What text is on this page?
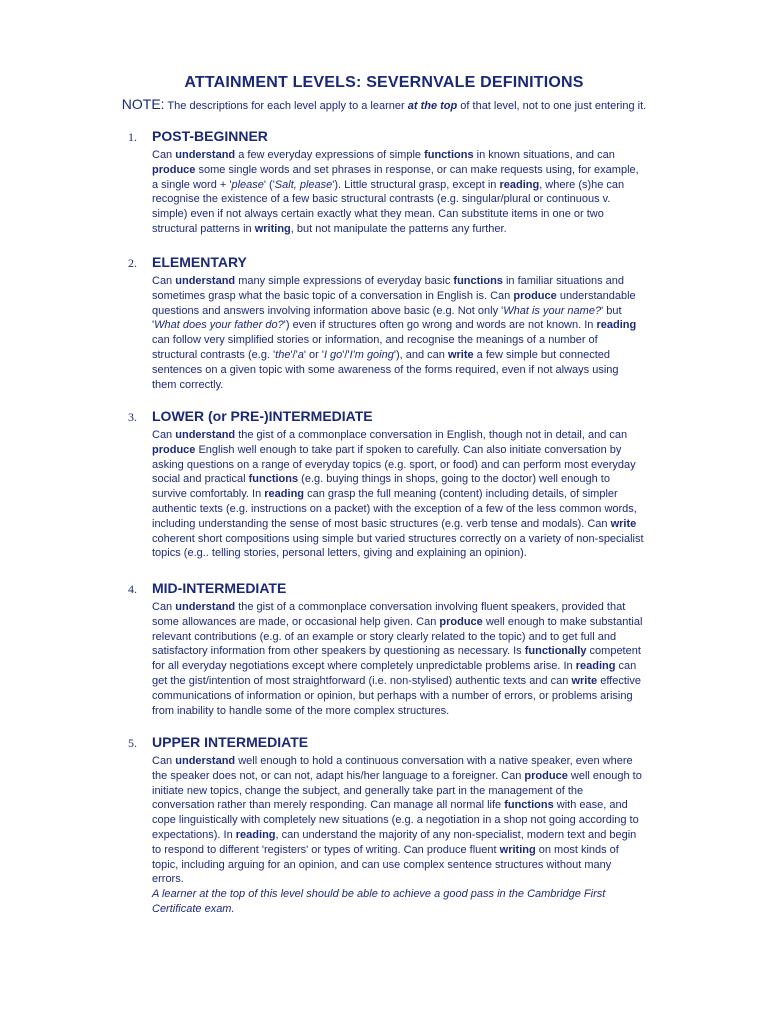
ATTAINMENT LEVELS: SEVERNVALE DEFINITIONS
NOTE: The descriptions for each level apply to a learner at the top of that level, not to one just entering it.
1.	POST-BEGINNER
Can understand a few everyday expressions of simple functions in known situations, and can
produce some single words and set phrases in response, or can make requests using, for example,
a single word + 'please' ('Salt, please'). Little structural grasp, except in reading, where (s)he can
recognise the existence of a few basic structural contrasts (e.g. singular/plural or continuous v.
simple) even if not always certain exactly what they mean. Can substitute items in one or two
structural patterns in writing, but not manipulate the patterns any further.
2.	ELEMENTARY
Can understand many simple expressions of everyday basic functions in familiar situations and
sometimes grasp what the basic topic of a conversation in English is. Can produce understandable
questions and answers involving information above basic (e.g. Not only 'What is your name?' but
'What does your father do?') even if structures often go wrong and words are not known. In reading
can follow very simplified stories or information, and recognise the meanings of a number of
structural contrasts (e.g. 'the'/'a' or 'I go'/'I'm going'), and can write a few simple but connected
sentences on a given topic with some awareness of the forms required, even if not always using
them correctly.
3.	LOWER (or PRE-)INTERMEDIATE
Can understand the gist of a commonplace conversation in English, though not in detail, and can
produce English well enough to take part if spoken to carefully. Can also initiate conversation by
asking questions on a range of everyday topics (e.g. sport, or food) and can perform most everyday
social and practical functions (e.g. buying things in shops, going to the doctor) well enough to
survive comfortably. In reading can grasp the full meaning (content) including details, of simpler
authentic texts (e.g. instructions on a packet) with the exception of a few of the less common words,
including understanding the sense of most basic structures (e.g. verb tense and modals). Can write
coherent short compositions using simple but varied structures correctly on a variety of non-specialist
topics (e.g.. telling stories, personal letters, giving and explaining an opinion).
4.	MID-INTERMEDIATE
Can understand the gist of a commonplace conversation involving fluent speakers, provided that
some allowances are made, or occasional help given. Can produce well enough to make substantial
relevant contributions (e.g. of an example or story clearly related to the topic) and to get full and
satisfactory information from other speakers by questioning as necessary. Is functionally competent
for all everyday negotiations except where completely unpredictable problems arise. In reading can
get the gist/intention of most straightforward (i.e. non-stylised) authentic texts and can write effective
communications of information or opinion, but perhaps with a number of errors, or problems arising
from inability to handle some of the more complex structures.
5.	UPPER INTERMEDIATE
Can understand well enough to hold a continuous conversation with a native speaker, even where
the speaker does not, or can not, adapt his/her language to a foreigner. Can produce well enough to
initiate new topics, change the subject, and generally take part in the management of the
conversation rather than merely responding. Can manage all normal life functions with ease, and
cope linguistically with completely new situations (e.g. a negotiation in a shop not going according to
expectations). In reading, can understand the majority of any non-specialist, modern text and begin
to respond to different 'registers' or types of writing. Can produce fluent writing on most kinds of
topic, including arguing for an opinion, and can use complex sentence structures without many
errors.
A learner at the top of this level should be able to achieve a good pass in the Cambridge First
Certificate exam.
